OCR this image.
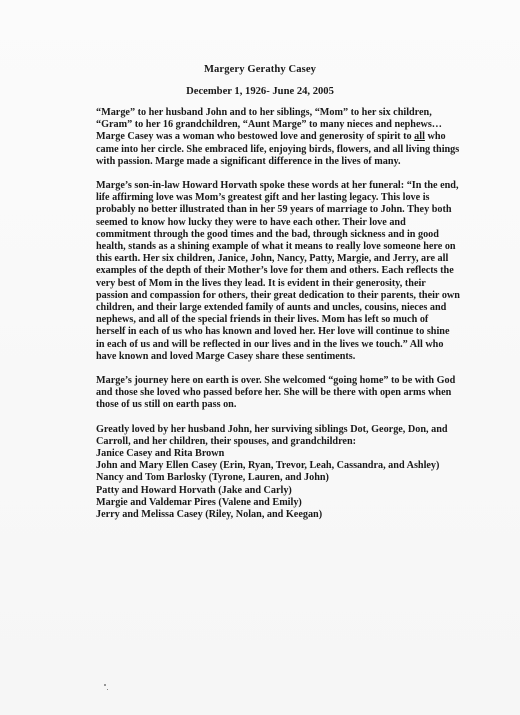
Margery Gerathy Casey
December 1, 1926- June 24, 2005
“Marge” to her husband John and to her siblings, “Mom” to her six children,
“Gram” to her 16 grandchildren, “Aunt Marge” to many nieces and nephews…
Marge Casey was a woman who bestowed love and generosity of spirit to all who
came into her circle. She embraced life, enjoying birds, flowers, and all living things
with passion. Marge made a significant difference in the lives of many.
Marge’s son-in-law Howard Horvath spoke these words at her funeral: “In the end,
life affirming love was Mom’s greatest gift and her lasting legacy. This love is
probably no better illustrated than in her 59 years of marriage to John. They both
seemed to know how lucky they were to have each other. Their love and
commitment through the good times and the bad, through sickness and in good
health, stands as a shining example of what it means to really love someone here on
this earth. Her six children, Janice, John, Nancy, Patty, Margie, and Jerry, are all
examples of the depth of their Mother’s love for them and others. Each reflects the
very best of Mom in the lives they lead. It is evident in their generosity, their
passion and compassion for others, their great dedication to their parents, their own
children, and their large extended family of aunts and uncles, cousins, nieces and
nephews, and all of the special friends in their lives. Mom has left so much of
herself in each of us who has known and loved her. Her love will continue to shine
in each of us and will be reflected in our lives and in the lives we touch.” All who
have known and loved Marge Casey share these sentiments.
Marge’s journey here on earth is over. She welcomed “going home” to be with God
and those she loved who passed before her. She will be there with open arms when
those of us still on earth pass on.
Greatly loved by her husband John, her surviving siblings Dot, George, Don, and
Carroll, and her children, their spouses, and grandchildren:
Janice Casey and Rita Brown
John and Mary Ellen Casey (Erin, Ryan, Trevor, Leah, Cassandra, and Ashley)
Nancy and Tom Barlosky (Tyrone, Lauren, and John)
Patty and Howard Horvath (Jake and Carly)
Margie and Valdemar Pires (Valene and Emily)
Jerry and Melissa Casey (Riley, Nolan, and Keegan)
